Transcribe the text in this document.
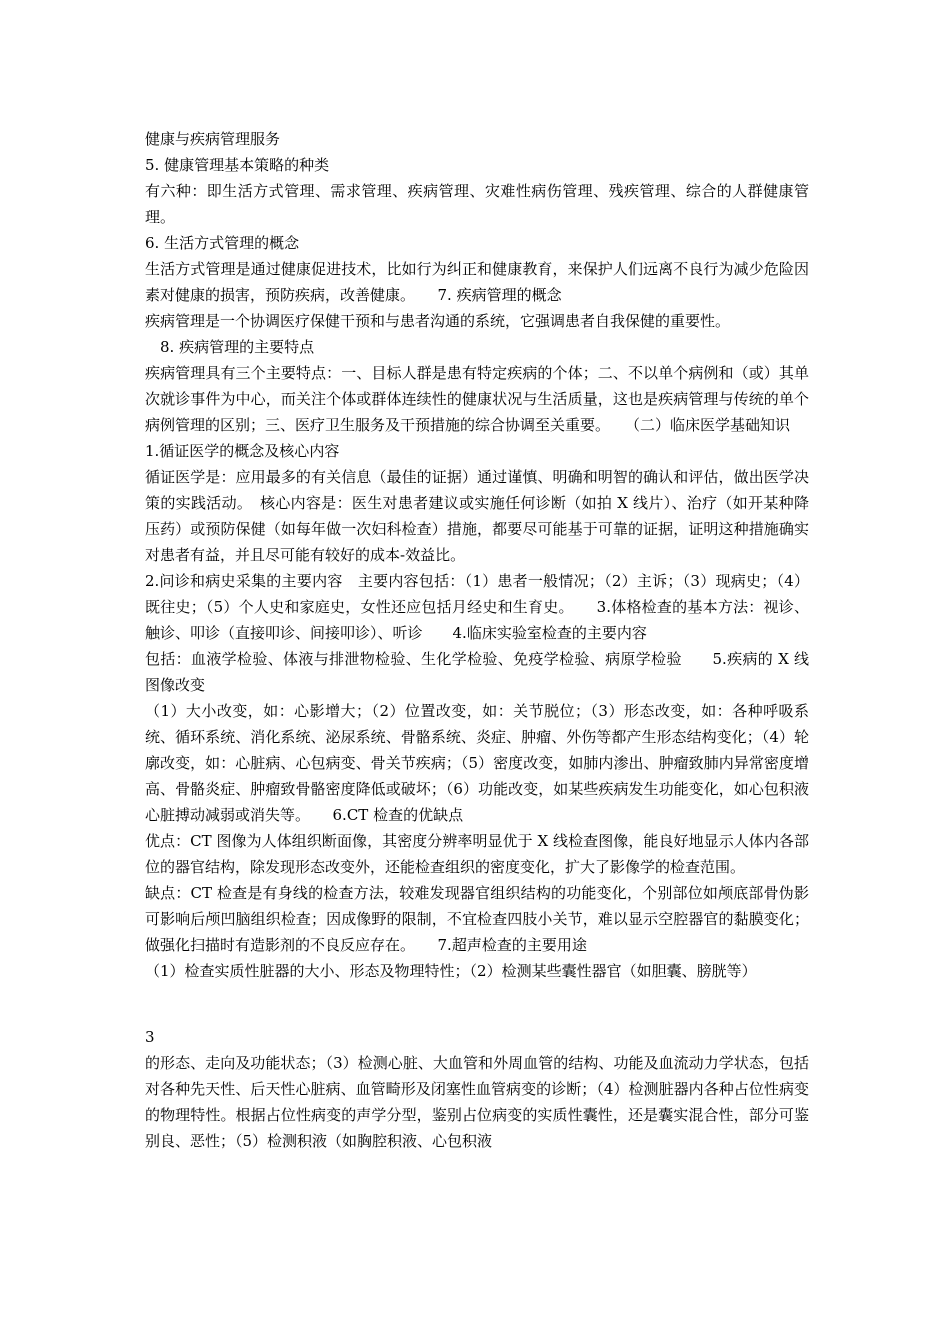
健康与疾病管理服务

5. 健康管理基本策略的种类

有六种：即生活方式管理、需求管理、疾病管理、灾难性病伤管理、残疾管理、综合的人群健康管理。

6. 生活方式管理的概念

生活方式管理是通过健康促进技术，比如行为纠正和健康教育，来保护人们远离不良行为减少危险因素对健康的损害，预防疾病，改善健康。　　7. 疾病管理的概念

疾病管理是一个协调医疗保健干预和与患者沟通的系统，它强调患者自我保健的重要性。

　8. 疾病管理的主要特点

疾病管理具有三个主要特点：一、目标人群是患有特定疾病的个体；二、不以单个病例和（或）其单次就诊事件为中心，而关注个体或群体连续性的健康状况与生活质量，这也是疾病管理与传统的单个病例管理的区别；三、医疗卫生服务及干预措施的综合协调至关重要。　　（二）临床医学基础知识

1.循证医学的概念及核心内容

循证医学是：应用最多的有关信息（最佳的证据）通过谨慎、明确和明智的确认和评估，做出医学决策的实践活动。　核心内容是：医生对患者建议或实施任何诊断（如拍 X 线片）、治疗（如开某种降压药）或预防保健（如每年做一次妇科检查）措施，都要尽可能基于可靠的证据，证明这种措施确实对患者有益，并且尽可能有较好的成本-效益比。

2.问诊和病史采集的主要内容　主要内容包括：（1）患者一般情况；（2）主诉；（3）现病史；（4）既往史；（5）个人史和家庭史，女性还应包括月经史和生育史。　　3.体格检查的基本方法：视诊、触诊、叩诊（直接叩诊、间接叩诊）、听诊　　4.临床实验室检查的主要内容

包括：血液学检验、体液与排泄物检验、生化学检验、免疫学检验、病原学检验　　5.疾病的 X 线图像改变

（1）大小改变，如：心影增大；（2）位置改变，如：关节脱位；（3）形态改变，如：各种呼吸系统、循环系统、消化系统、泌尿系统、骨骼系统、炎症、肿瘤、外伤等都产生形态结构变化；（4）轮廓改变，如：心脏病、心包病变、骨关节疾病；（5）密度改变，如肺内渗出、肿瘤致肺内异常密度增高、骨骼炎症、肿瘤致骨骼密度降低或破坏；（6）功能改变，如某些疾病发生功能变化，如心包积液心脏搏动减弱或消失等。　　6.CT 检查的优缺点

优点：CT 图像为人体组织断面像，其密度分辨率明显优于 X 线检查图像，能良好地显示人体内各部位的器官结构，除发现形态改变外，还能检查组织的密度变化，扩大了影像学的检查范围。

缺点：CT 检查是有身线的检查方法，较难发现器官组织结构的功能变化，个别部位如颅底部骨伪影可影响后颅凹脑组织检查；因成像野的限制，不宜检查四肢小关节，难以显示空腔器官的黏膜变化；做强化扫描时有造影剂的不良反应存在。　　7.超声检查的主要用途

（1）检查实质性脏器的大小、形态及物理特性；（2）检测某些囊性器官（如胆囊、膀胱等）

3

的形态、走向及功能状态；（3）检测心脏、大血管和外周血管的结构、功能及血流动力学状态，包括对各种先天性、后天性心脏病、血管畸形及闭塞性血管病变的诊断；（4）检测脏器内各种占位性病变的物理特性。根据占位性病变的声学分型，鉴别占位病变的实质性囊性，还是囊实混合性，部分可鉴别良、恶性；（5）检测积液（如胸腔积液、心包积液
